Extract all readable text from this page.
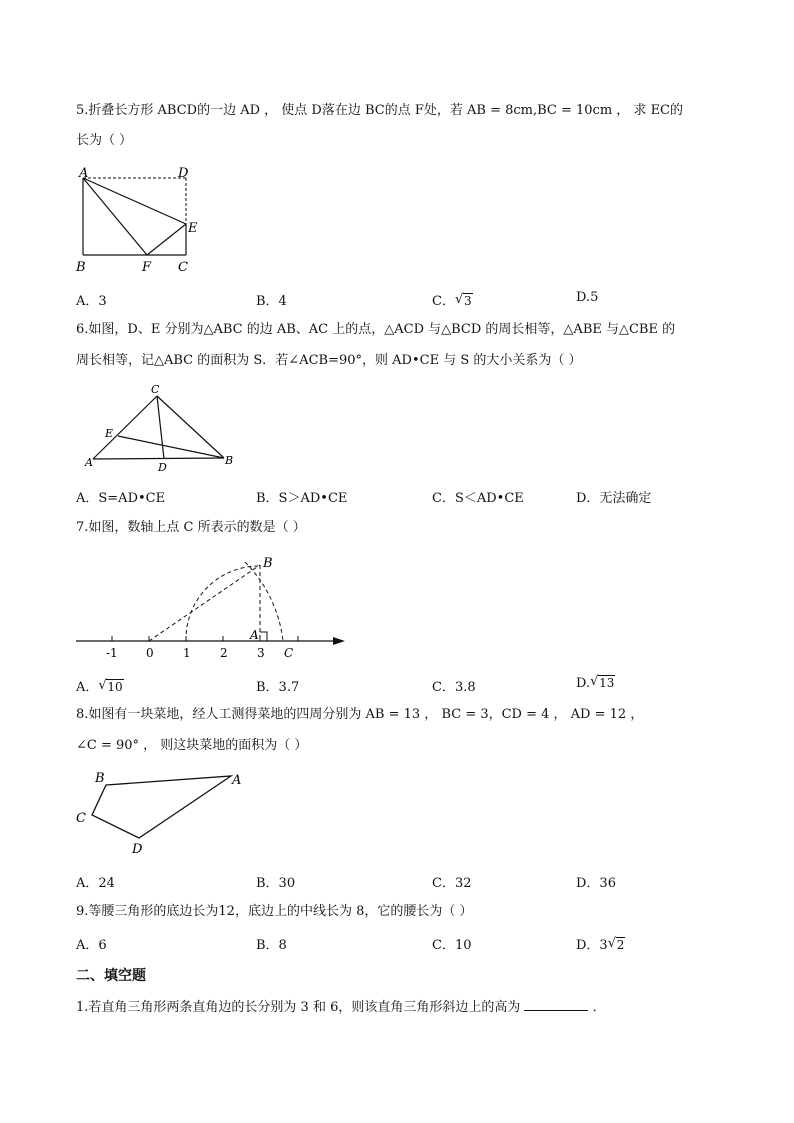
5.折叠长方形 ABCD的一边 AD ， 使点 D落在边 BC的点 F处，若 AB = 8cm,BC = 10cm ， 求 EC的
长为（ ）
A	D
E
B	F C
A．3	B．4	C． √ 3	D.5
6.如图，D、E 分别为△ABC 的边 AB、AC 上的点，△ACD 与△BCD 的周长相等，△ABE 与△CBE 的
周长相等，记△ABC 的面积为 S．若∠ACB=90°，则 AD•CE 与 S 的大小关系为（ ）
C
E
A	D
B
A．S=AD•CE	B．S＞AD•CE	C．S＜AD•CE	D．无法确定
7.如图，数轴上点 C 所表示的数是（ ）
-1 0 1 2 3
B
A
C
A． √ 10	B．3.7	C．3.8	D. √ 13
8.如图有一块菜地，经人工测得菜地的四周分别为 AB = 13 ， BC = 3，CD = 4 ， AD = 12 ，
∠C = 90° ， 则这块菜地的面积为（ ）
B	A
C
D
A．24	B．30	C．32	D．36
9.等腰三角形的底边长为12，底边上的中线长为 8，它的腰长为（ ）
A．6	B．8	C．10	D．3 √ 2
二、填空题
1.若直角三角形两条直角边的长分别为 3 和 6，则该直角三角形斜边上的高为	．
